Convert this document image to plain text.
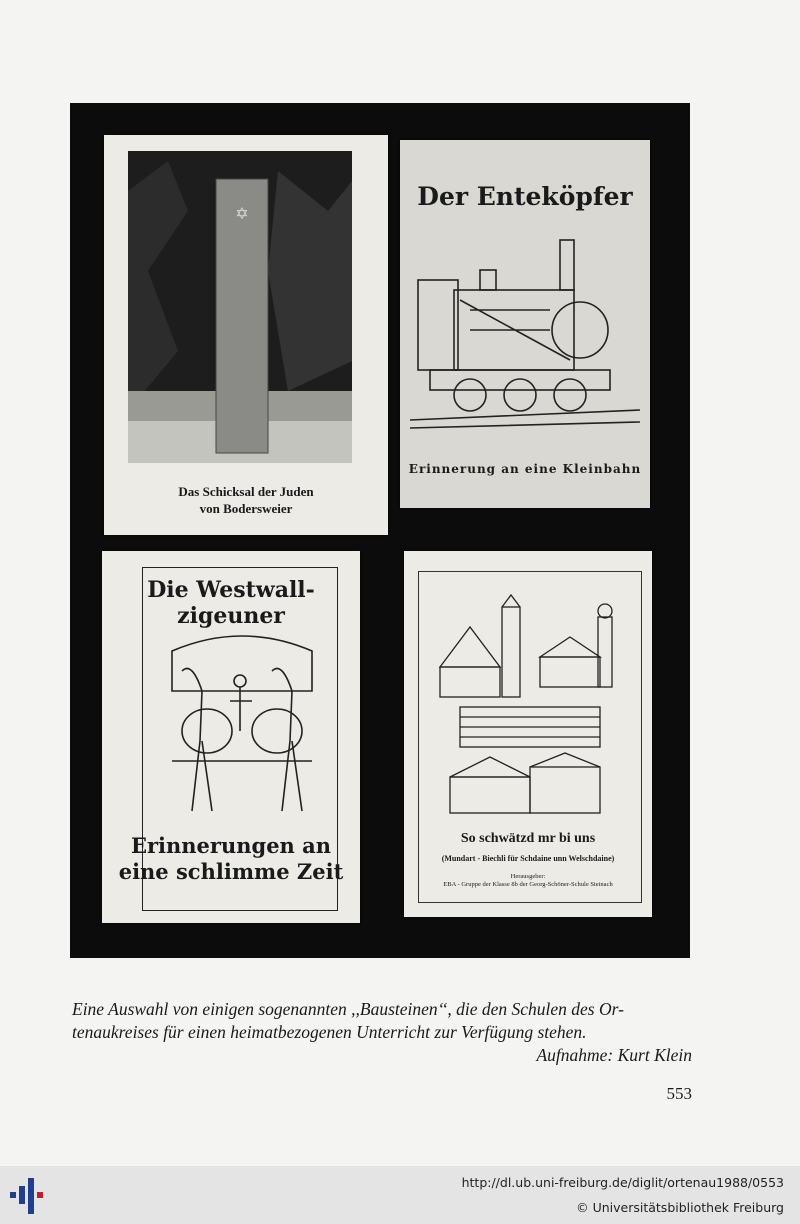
✡
Das Schicksal der Juden
von Bodersweier
Der Enteköpfer
Erinnerung an eine Kleinbahn
Die Westwall-
zigeuner
Erinnerungen an
eine schlimme Zeit
So schwätzd mr bi uns
(Mundart - Biechli für Schdaine unn Welschdaine)
Herausgeber:
EBA - Gruppe der Klasse 8b der Georg-Schöner-Schule Steinach
Eine Auswahl von einigen sogenannten ,,Bausteinen‘‘, die den Schulen des Or-
tenaukreises für einen heimatbezogenen Unterricht zur Verfügung stehen.
Aufnahme: Kurt Klein
553
http://dl.ub.uni-freiburg.de/diglit/ortenau1988/0553
© Universitätsbibliothek Freiburg
